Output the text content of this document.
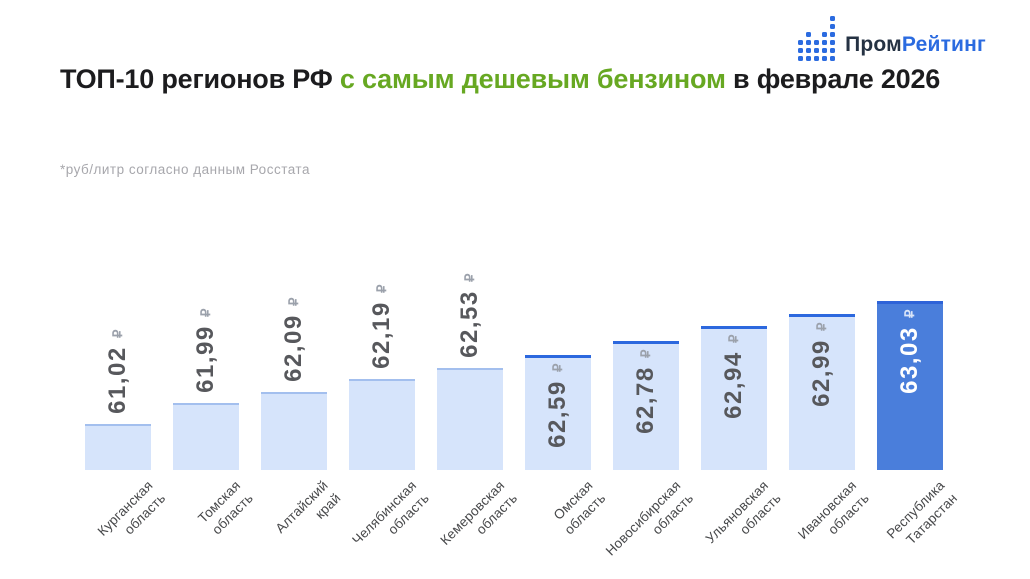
ПромРейтинг
ТОП-10 регионов РФ с самым дешевым бензином в феврале 2026
*руб/литр согласно данным Росстата
61,02₽
Курганская
область
61,99₽
Томская область
62,09₽
Алтайский
край
62,19₽
Челябинская
область
62,53₽
Кемеровская
область
62,59₽
Омская
область
62,78₽
Новосибирская
область
62,94₽
Ульяновская
область
62,99₽
Ивановская
область
63,03₽
Республика
Татарстан
